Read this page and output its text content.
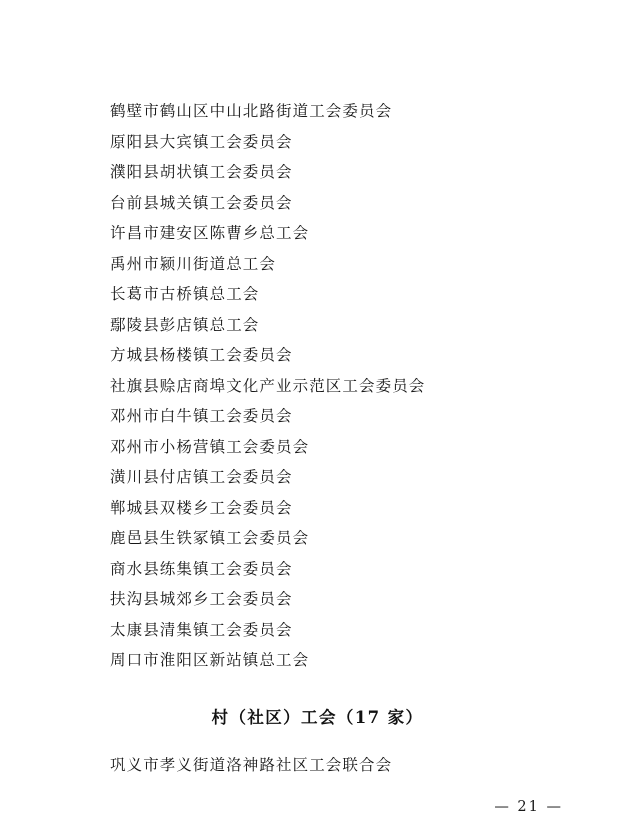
鹤壁市鹤山区中山北路街道工会委员会
原阳县大宾镇工会委员会
濮阳县胡状镇工会委员会
台前县城关镇工会委员会
许昌市建安区陈曹乡总工会
禹州市颍川街道总工会
长葛市古桥镇总工会
鄢陵县彭店镇总工会
方城县杨楼镇工会委员会
社旗县赊店商埠文化产业示范区工会委员会
邓州市白牛镇工会委员会
邓州市小杨营镇工会委员会
潢川县付店镇工会委员会
郸城县双楼乡工会委员会
鹿邑县生铁冢镇工会委员会
商水县练集镇工会委员会
扶沟县城郊乡工会委员会
太康县清集镇工会委员会
周口市淮阳区新站镇总工会
村（社区）工会（17 家）
巩义市孝义街道洛神路社区工会联合会
— 21 —
